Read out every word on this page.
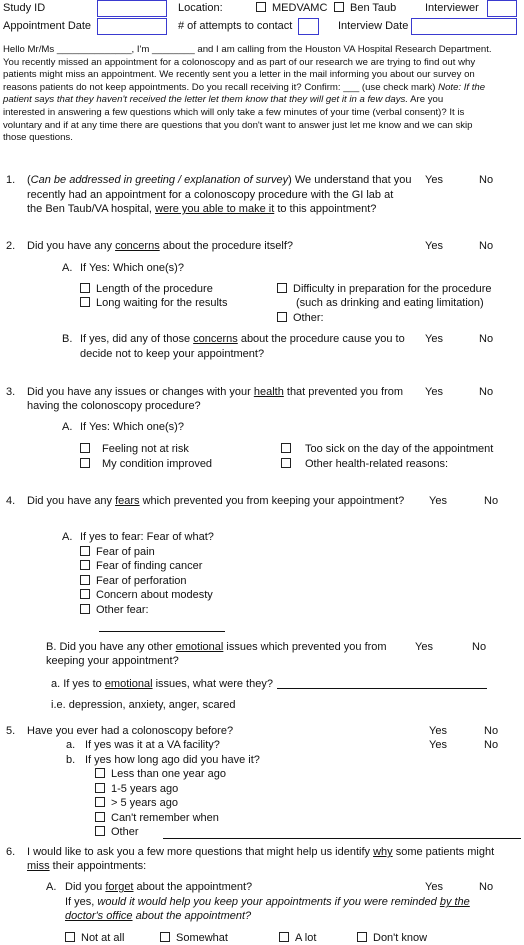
Study ID	Location:	MEDVAMC	Ben Taub	Interviewer
Appointment Date	# of attempts to contact	Interview Date
Hello Mr/Ms ______________, I'm ________ and I am calling from the Houston VA Hospital Research Department.
You recently missed an appointment for a colonoscopy and as part of our research we are trying to find out why
patients might miss an appointment. We recently sent you a letter in the mail informing you about our survey on
reasons patients do not keep appointments. Do you recall receiving it? Confirm: ___ (use check mark) Note: If the
patient says that they haven't received the letter let them know that they will get it in a few days. Are you
interested in answering a few questions which will only take a few minutes of your time (verbal consent)? It is
voluntary and if at any time there are questions that you don't want to answer just let me know and we can skip
those questions.
1. (Can be addressed in greeting / explanation of survey) We understand that you
recently had an appointment for a colonoscopy procedure with the GI lab at
the Ben Taub/VA hospital, were you able to make it to this appointment?
Yes	No
2. Did you have any concerns about the procedure itself?	Yes	No
A. If Yes: Which one(s)?
Length of the procedure
Long waiting for the results
Difficulty in preparation for the procedure
(such as drinking and eating limitation)
Other:
B. If yes, did any of those concerns about the procedure cause you to
decide not to keep your appointment?
Yes	No
3. Did you have any issues or changes with your health that prevented you from
having the colonoscopy procedure?
Yes	No
A. If Yes: Which one(s)?
Feeling not at risk
My condition improved
Too sick on the day of the appointment
Other health-related reasons:
4. Did you have any fears which prevented you from keeping your appointment? Yes	No
A. If yes to fear: Fear of what?
Fear of pain
Fear of finding cancer
Fear of perforation
Concern about modesty
Other fear:
B. Did you have any other emotional issues which prevented you from
keeping your appointment?
Yes	No
a. If yes to emotional issues, what were they?
i.e. depression, anxiety, anger, scared
5. Have you ever had a colonoscopy before?	Yes	No
a. If yes was it at a VA facility?	Yes	No
b. If yes how long ago did you have it?
Less than one year ago
1-5 years ago
> 5 years ago
Can't remember when
Other
6. I would like to ask you a few more questions that might help us identify why some patients might
miss their appointments:
A. Did you forget about the appointment?	Yes	No
If yes, would it would help you keep your appointments if you were reminded by the
doctor's office about the appointment?
Not at all	Somewhat	A lot	Don't know
